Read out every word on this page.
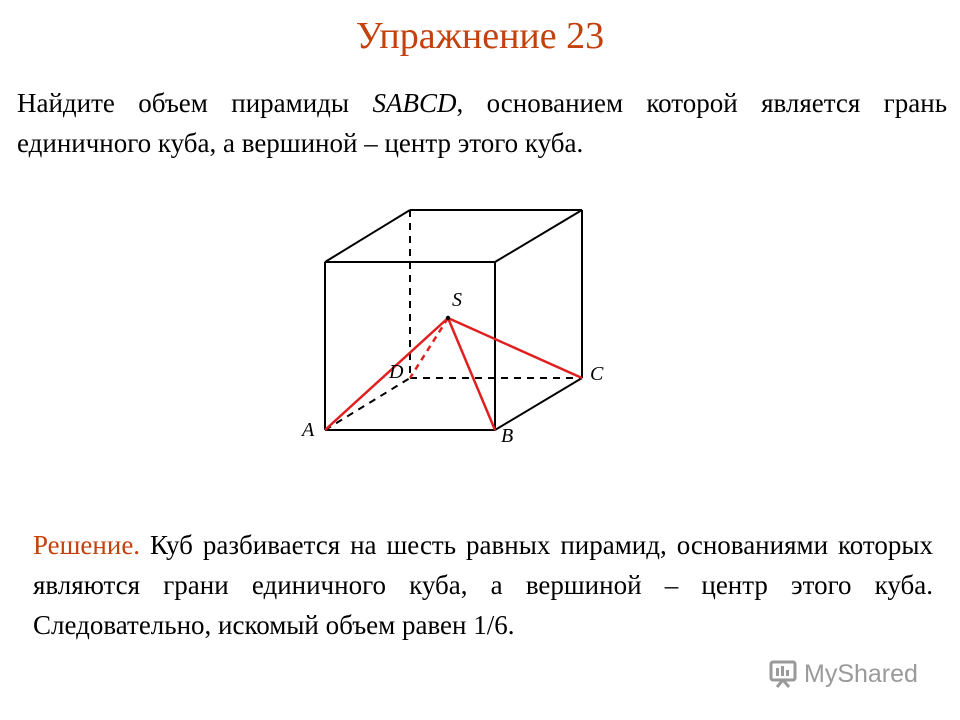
Упражнение 23

Найдите объем пирамиды SABCD, основанием которой является грань единичного куба, а вершиной – центр этого куба.

S
D	C
A	B

Решение. Куб разбивается на шесть равных пирамид, основаниями которых являются грани единичного куба, а вершиной – центр этого куба. Следовательно, искомый объем равен 1/6.

MyShared
